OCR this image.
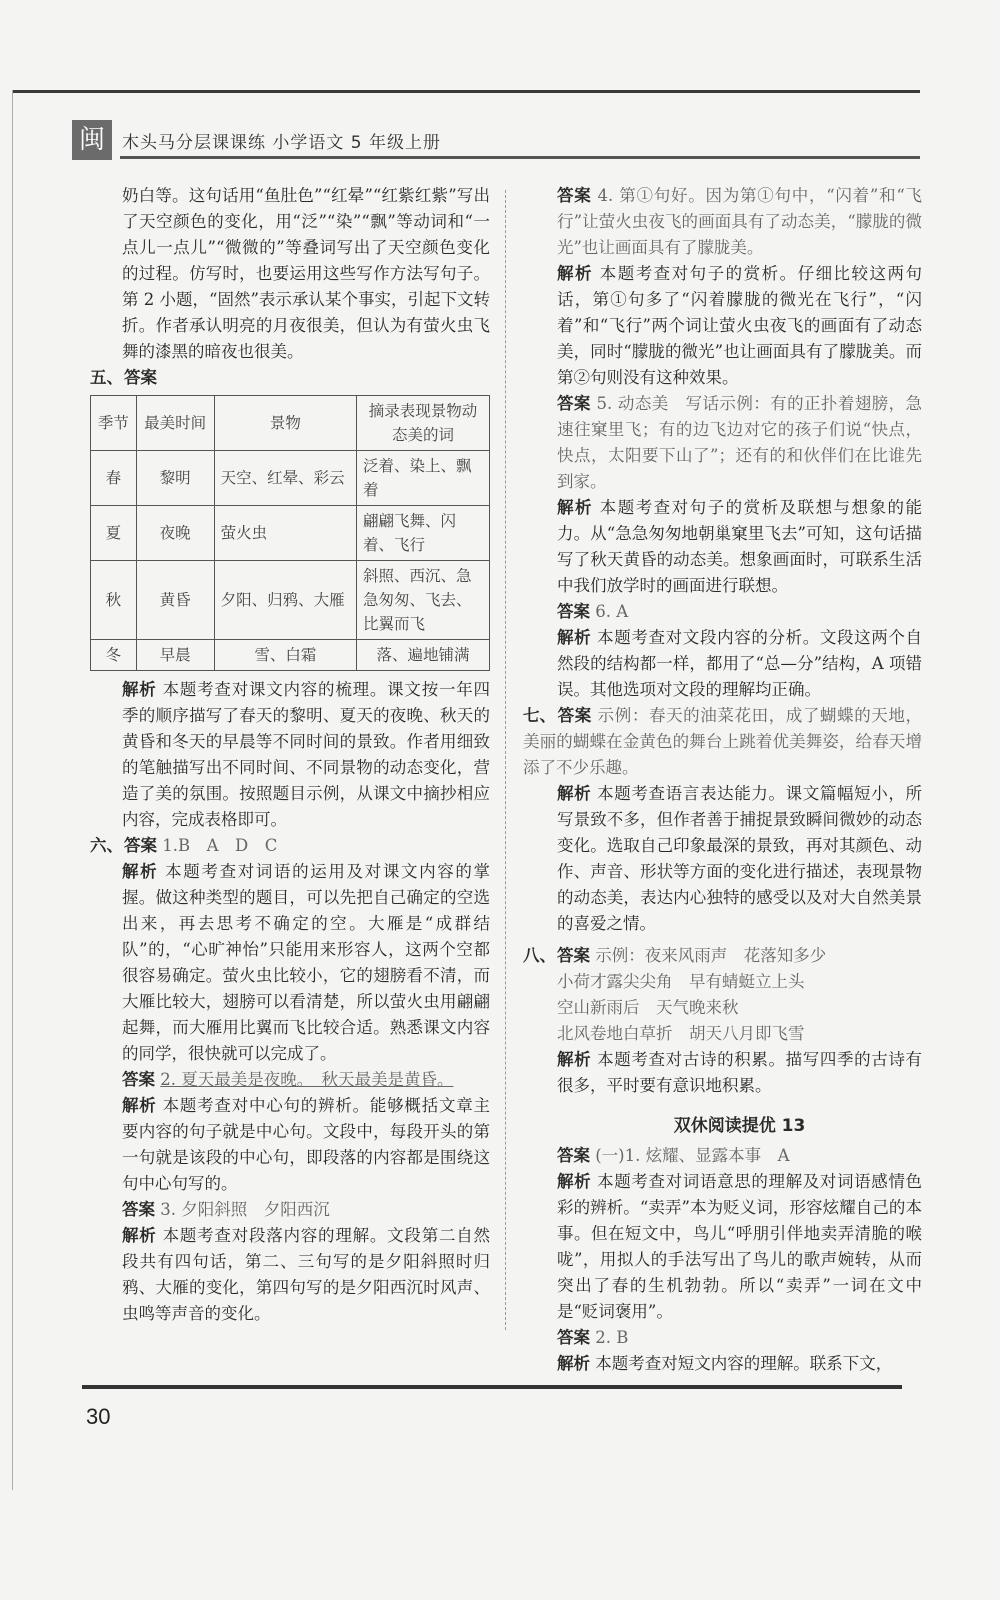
闽	木头马分层课课练 小学语文 5 年级上册

奶白等。这句话用“鱼肚色”“红晕”“红紫红紫”写出了天空颜色的变化，用“泛”“染”“飘”等动词和“一点儿一点儿”“微微的”等叠词写出了天空颜色变化的过程。仿写时，也要运用这些写作方法写句子。第 2 小题，“固然”表示承认某个事实，引起下文转折。作者承认明亮的月夜很美，但认为有萤火虫飞舞的漆黑的暗夜也很美。

五、答案
季节	最美时间	景物	摘录表现景物动态美的词
春	黎明	天空、红晕、彩云	泛着、染上、飘着
夏	夜晚	萤火虫	翩翩飞舞、闪着、飞行
秋	黄昏	夕阳、归鸦、大雁	斜照、西沉、急急匆匆、飞去、比翼而飞
冬	早晨	雪、白霜	落、遍地铺满

解析 本题考查对课文内容的梳理。课文按一年四季的顺序描写了春天的黎明、夏天的夜晚、秋天的黄昏和冬天的早晨等不同时间的景致。作者用细致的笔触描写出不同时间、不同景物的动态变化，营造了美的氛围。按照题目示例，从课文中摘抄相应内容，完成表格即可。

六、答案 1.B　A　D　C

解析 本题考查对词语的运用及对课文内容的掌握。做这种类型的题目，可以先把自己确定的空选出来，再去思考不确定的空。大雁是“成群结队”的，“心旷神怡”只能用来形容人，这两个空都很容易确定。萤火虫比较小，它的翅膀看不清，而大雁比较大，翅膀可以看清楚，所以萤火虫用翩翩起舞，而大雁用比翼而飞比较合适。熟悉课文内容的同学，很快就可以完成了。

答案 2. 夏天最美是夜晚。　秋天最美是黄昏。

解析 本题考查对中心句的辨析。能够概括文章主要内容的句子就是中心句。文段中，每段开头的第一句就是该段的中心句，即段落的内容都是围绕这句中心句写的。

答案 3. 夕阳斜照　夕阳西沉

解析 本题考查对段落内容的理解。文段第二自然段共有四句话，第二、三句写的是夕阳斜照时归鸦、大雁的变化，第四句写的是夕阳西沉时风声、虫鸣等声音的变化。

答案 4. 第①句好。因为第①句中，“闪着”和“飞行”让萤火虫夜飞的画面具有了动态美，“朦胧的微光”也让画面具有了朦胧美。

解析 本题考查对句子的赏析。仔细比较这两句话，第①句多了“闪着朦胧的微光在飞行”，“闪着”和“飞行”两个词让萤火虫夜飞的画面有了动态美，同时“朦胧的微光”也让画面具有了朦胧美。而第②句则没有这种效果。

答案 5. 动态美　写话示例：有的正扑着翅膀，急速往窠里飞；有的边飞边对它的孩子们说“快点，快点，太阳要下山了”；还有的和伙伴们在比谁先到家。

解析 本题考查对句子的赏析及联想与想象的能力。从“急急匆匆地朝巢窠里飞去”可知，这句话描写了秋天黄昏的动态美。想象画面时，可联系生活中我们放学时的画面进行联想。

答案 6. A

解析 本题考查对文段内容的分析。文段这两个自然段的结构都一样，都用了“总—分”结构，A 项错误。其他选项对文段的理解均正确。

七、答案 示例：春天的油菜花田，成了蝴蝶的天地，美丽的蝴蝶在金黄色的舞台上跳着优美舞姿，给春天增添了不少乐趣。

解析 本题考查语言表达能力。课文篇幅短小，所写景致不多，但作者善于捕捉景致瞬间微妙的动态变化。选取自己印象最深的景致，再对其颜色、动作、声音、形状等方面的变化进行描述，表现景物的动态美，表达内心独特的感受以及对大自然美景的喜爱之情。

八、答案 示例：夜来风雨声　花落知多少
小荷才露尖尖角　早有蜻蜓立上头
空山新雨后　天气晚来秋
北风卷地白草折　胡天八月即飞雪

解析 本题考查对古诗的积累。描写四季的古诗有很多，平时要有意识地积累。

双休阅读提优 13

答案 (一)1. 炫耀、显露本事　A

解析 本题考查对词语意思的理解及对词语感情色彩的辨析。“卖弄”本为贬义词，形容炫耀自己的本事。但在短文中，鸟儿“呼朋引伴地卖弄清脆的喉咙”，用拟人的手法写出了鸟儿的歌声婉转，从而突出了春的生机勃勃。所以“卖弄”一词在文中是“贬词褒用”。

答案 2. B

解析 本题考查对短文内容的理解。联系下文，

30
